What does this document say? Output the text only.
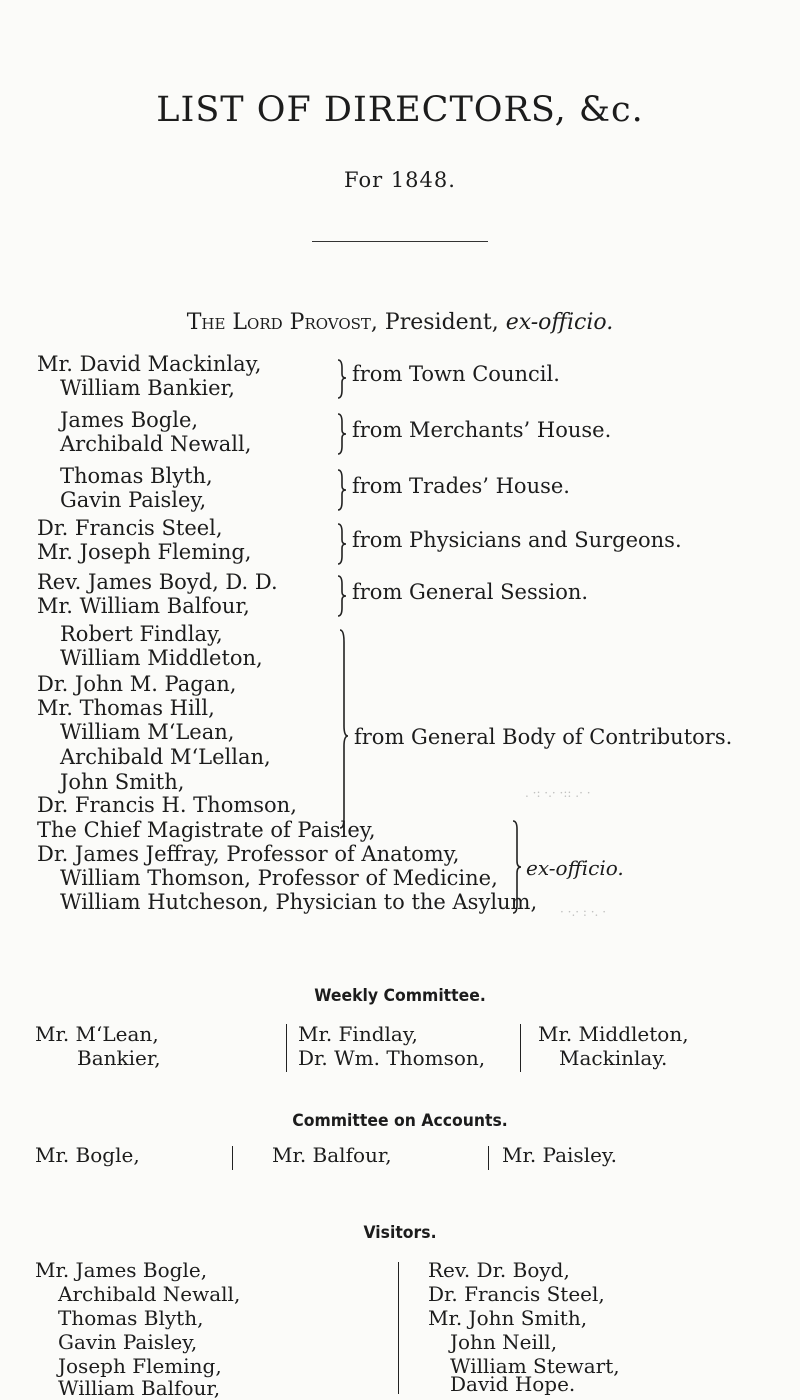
LIST OF DIRECTORS, &c.
For 1848.
The Lord Provost, President, ex-officio.
Mr. David Mackinlay,
William Bankier,
James Bogle,
Archibald Newall,
Thomas Blyth,
Gavin Paisley,
Dr. Francis Steel,
Mr. Joseph Fleming,
Rev. James Boyd, D. D.
Mr. William Balfour,
Robert Findlay,
William Middleton,
Dr. John M. Pagan,
Mr. Thomas Hill,
William M‘Lean,
Archibald M‘Lellan,
John Smith,
Dr. Francis H. Thomson,
from Town Council.
from Merchants’ House.
from Trades’ House.
from Physicians and Surgeons.
from General Session.
from General Body of Contributors.
The Chief Magistrate of Paisley,
Dr. James Jeffray, Professor of Anatomy,
William Thomson, Professor of Medicine,
William Hutcheson, Physician to the Asylum,
ex-officio.
. ·: ·.· ·:: .· ·
· ·.· : ·. ·
Weekly Committee.
Mr. M‘Lean,
Bankier,
Mr. Findlay,
Dr. Wm. Thomson,
Mr. Middleton,
Mackinlay.
Committee on Accounts.
Mr. Bogle,	Mr. Balfour,	Mr. Paisley.
Visitors.
Mr. James Bogle,
Archibald Newall,
Thomas Blyth,
Gavin Paisley,
Joseph Fleming,
William Balfour,
Rev. Dr. Boyd,
Dr. Francis Steel,
Mr. John Smith,
John Neill,
William Stewart,
David Hope.
